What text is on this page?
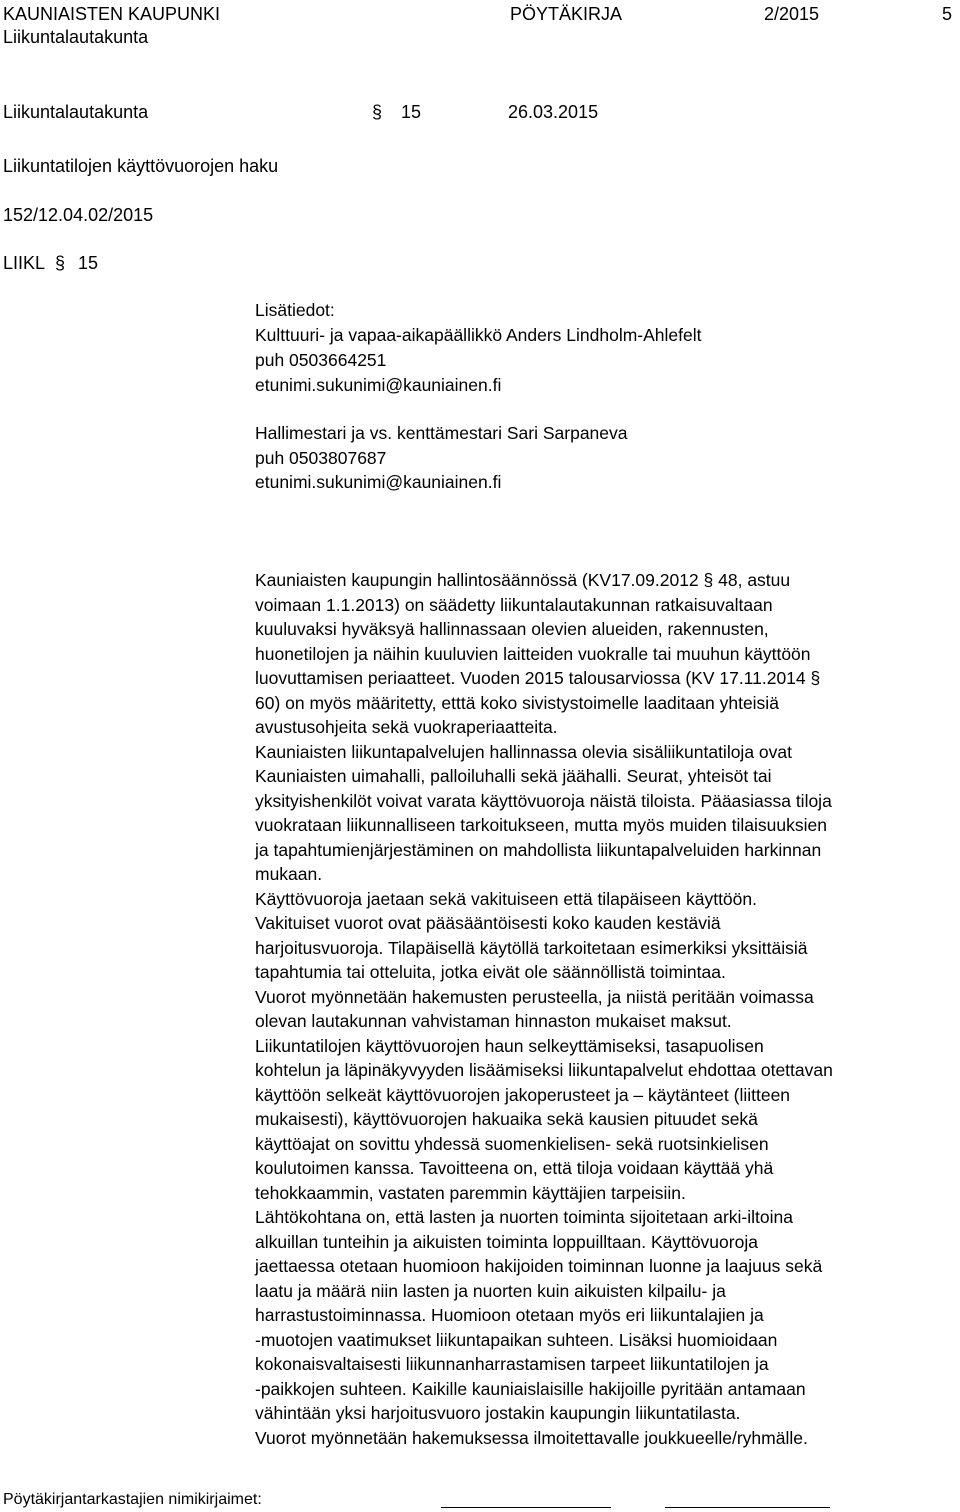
KAUNIAISTEN KAUPUNKI
Liikuntalautakunta
PÖYTÄKIRJA	2/2015	5
Liikuntalautakunta	§ 15	26.03.2015
Liikuntatilojen käyttövuorojen haku
152/12.04.02/2015
LIIKL § 15
Lisätiedot:
Kulttuuri- ja vapaa-aikapäällikkö Anders Lindholm-Ahlefelt
puh 0503664251
etunimi.sukunimi@kauniainen.fi
Hallimestari ja vs. kenttämestari Sari Sarpaneva
puh 0503807687
etunimi.sukunimi@kauniainen.fi
Kauniaisten kaupungin hallintosäännössä (KV17.09.2012 § 48, astuu
voimaan 1.1.2013) on säädetty liikuntalautakunnan ratkaisuvaltaan
kuuluvaksi hyväksyä hallinnassaan olevien alueiden, rakennusten,
huonetilojen ja näihin kuuluvien laitteiden vuokralle tai muuhun käyttöön
luovuttamisen periaatteet. Vuoden 2015 talousarviossa (KV 17.11.2014 §
60) on myös määritetty, etttä koko sivistystoimelle laaditaan yhteisiä
avustusohjeita sekä vuokraperiaatteita.
Kauniaisten liikuntapalvelujen hallinnassa olevia sisäliikuntatiloja ovat
Kauniaisten uimahalli, palloiluhalli sekä jäähalli. Seurat, yhteisöt tai
yksityishenkilöt voivat varata käyttövuoroja näistä tiloista. Pääasiassa tiloja
vuokrataan liikunnalliseen tarkoitukseen, mutta myös muiden tilaisuuksien
ja tapahtumienjärjestäminen on mahdollista liikuntapalveluiden harkinnan
mukaan.
Käyttövuoroja jaetaan sekä vakituiseen että tilapäiseen käyttöön.
Vakituiset vuorot ovat pääsääntöisesti koko kauden kestäviä
harjoitusvuoroja. Tilapäisellä käytöllä tarkoitetaan esimerkiksi yksittäisiä
tapahtumia tai otteluita, jotka eivät ole säännöllistä toimintaa.
Vuorot myönnetään hakemusten perusteella, ja niistä peritään voimassa
olevan lautakunnan vahvistaman hinnaston mukaiset maksut.
Liikuntatilojen käyttövuorojen haun selkeyttämiseksi, tasapuolisen
kohtelun ja läpinäkyvyyden lisäämiseksi liikuntapalvelut ehdottaa otettavan
käyttöön selkeät käyttövuorojen jakoperusteet ja – käytänteet (liitteen
mukaisesti), käyttövuorojen hakuaika sekä kausien pituudet sekä
käyttöajat on sovittu yhdessä suomenkielisen- sekä ruotsinkielisen
koulutoimen kanssa. Tavoitteena on, että tiloja voidaan käyttää yhä
tehokkaammin, vastaten paremmin käyttäjien tarpeisiin.
Lähtökohtana on, että lasten ja nuorten toiminta sijoitetaan arki-iltoina
alkuillan tunteihin ja aikuisten toiminta loppuilltaan. Käyttövuoroja
jaettaessa otetaan huomioon hakijoiden toiminnan luonne ja laajuus sekä
laatu ja määrä niin lasten ja nuorten kuin aikuisten kilpailu- ja
harrastustoiminnassa. Huomioon otetaan myös eri liikuntalajien ja
-muotojen vaatimukset liikuntapaikan suhteen. Lisäksi huomioidaan
kokonaisvaltaisesti liikunnanharrastamisen tarpeet liikuntatilojen ja
-paikkojen suhteen. Kaikille kauniaislaisille hakijoille pyritään antamaan
vähintään yksi harjoitusvuoro jostakin kaupungin liikuntatilasta.
Vuorot myönnetään hakemuksessa ilmoitettavalle joukkueelle/ryhmälle.
Pöytäkirjantarkastajien nimikirjaimet:
